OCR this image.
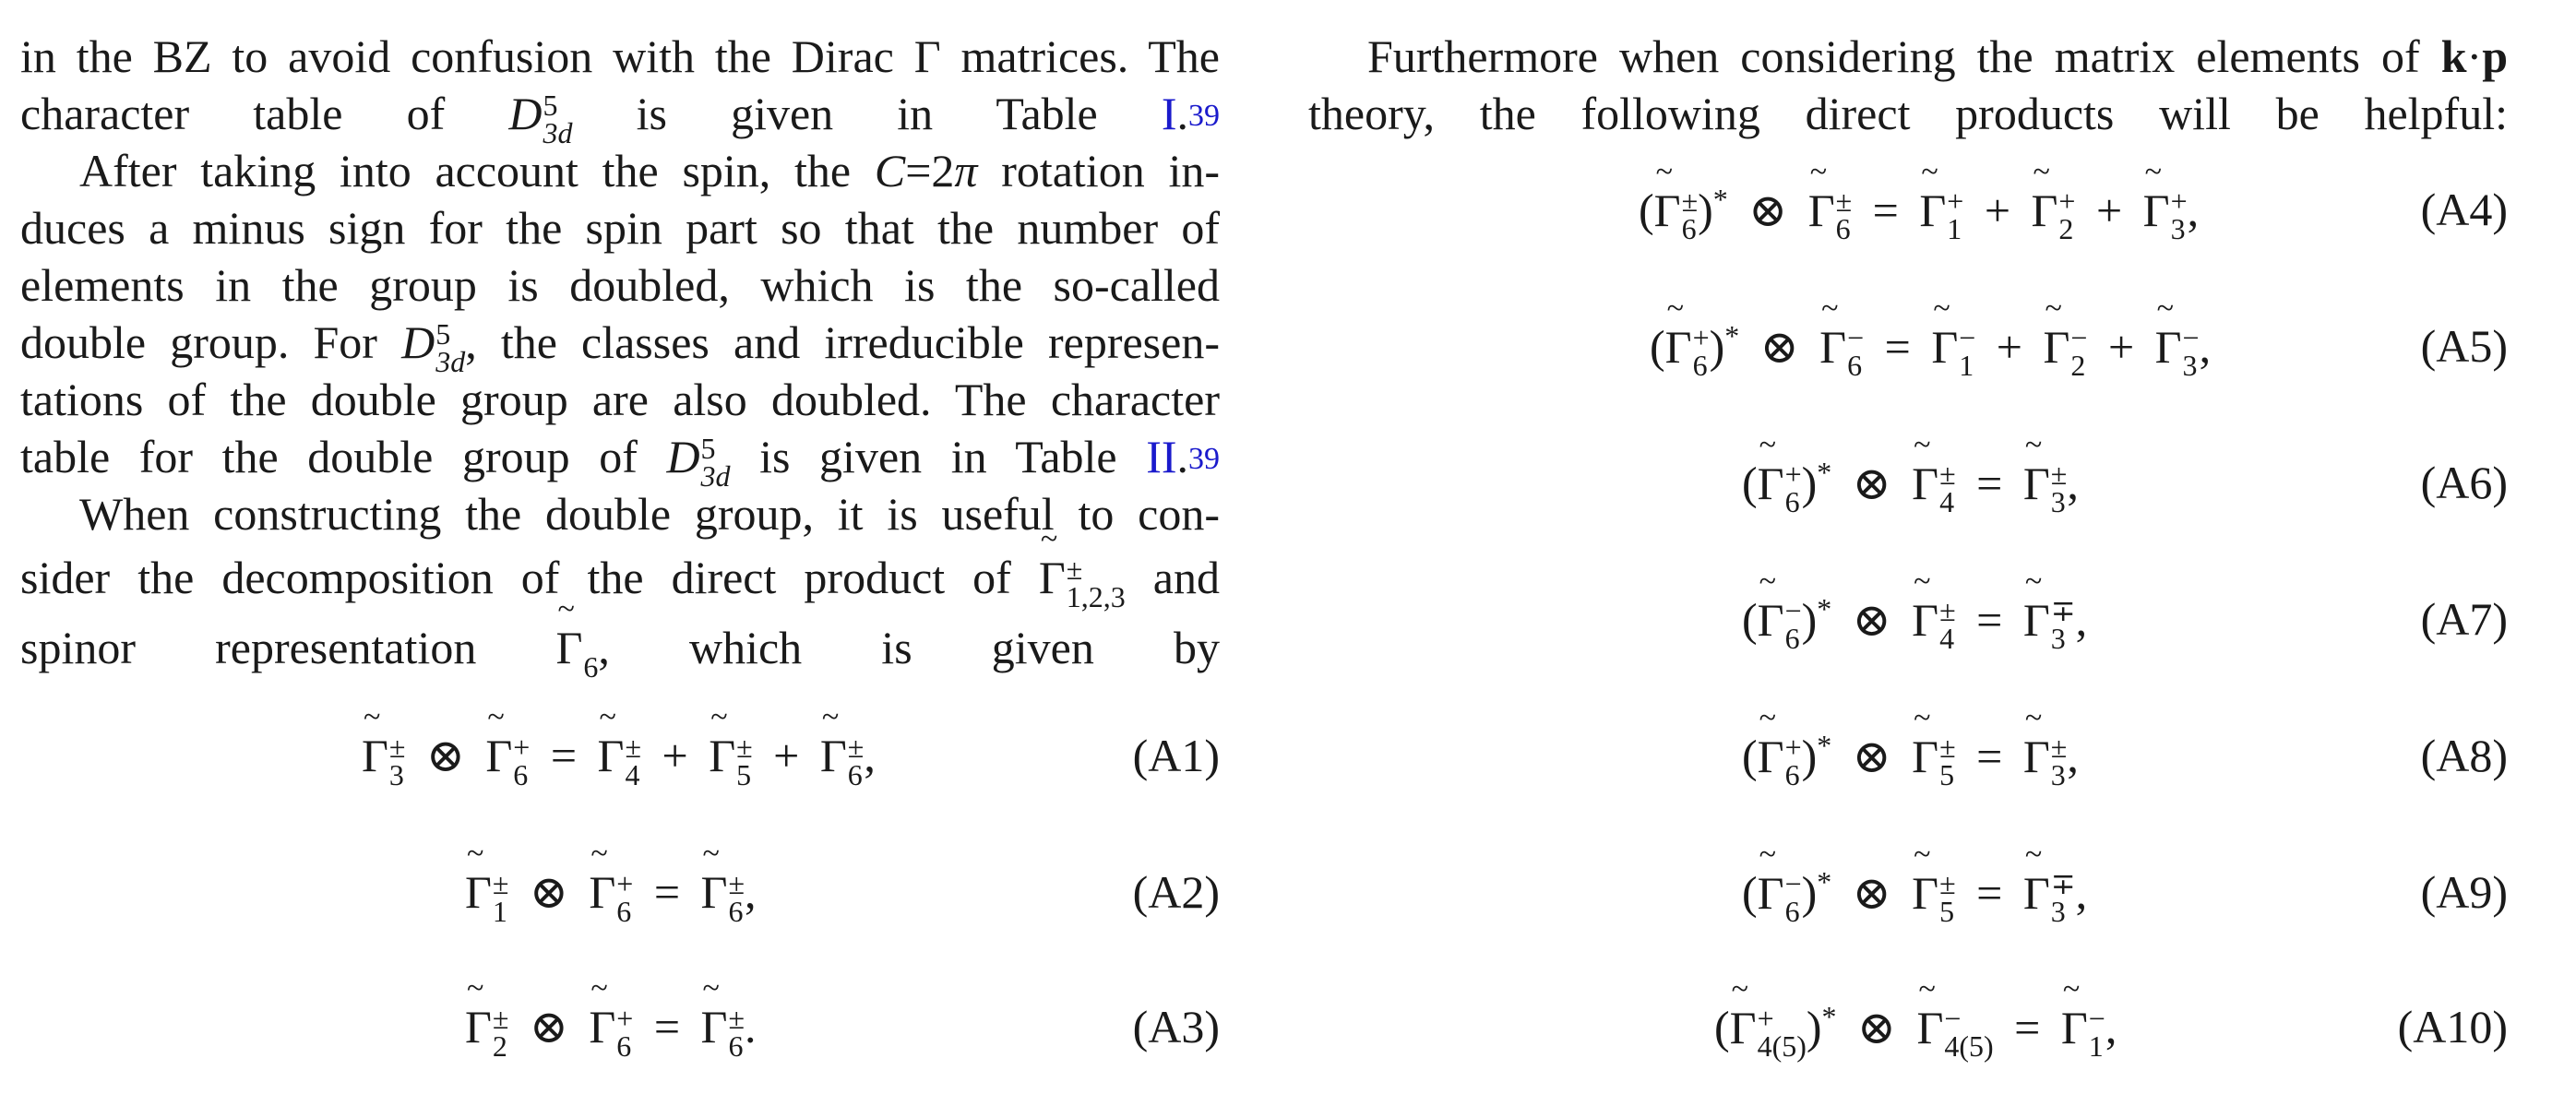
in the BZ to avoid confusion with the Dirac Γ matrices. The
character table of D 5
3d is given in Table I.$^{39}$
After taking into account the spin, the C=2π rotation in-
duces a minus sign for the spin part so that the number of
elements in the group is doubled, which is the so-called
double group. For D 5
3d , the classes and irreducible represen-
tations of the double group are also doubled. The character
table for the double group of D 5
3d is given in Table II.$^{39}$
When constructing the double group, it is useful to con-
sider the decomposition of the direct product of ~ Γ ±
1,2,3 and
spinor representation ~ Γ
6 , which is given by
~ Γ ±
3 ⊗ ~ Γ +
6 = ~ Γ ±
4 + ~ Γ ±
5 + ~ Γ ±
6 ,	(A1)
~ Γ ±
1 ⊗ ~ Γ +
6 = ~ Γ ±
6 ,	(A2)
~ Γ ±
2 ⊗ ~ Γ +
6 = ~ Γ ±
6 .	(A3)
Furthermore when considering the matrix elements of k·p
theory, the following direct products will be helpful:
(~ Γ ±
6 )* ⊗ ~ Γ ±
6 = ~ Γ +
1 + ~ Γ +
2 + ~ Γ +
3 ,	(A4)
(~ Γ +
6 )* ⊗ ~ Γ −
6 = ~ Γ −
1 + ~ Γ −
2 + ~ Γ −
3 ,	(A5)
(~ Γ +
6 )* ⊗ ~ Γ ±
4 = ~ Γ ±
3 ,	(A6)
(~ Γ −
6 )* ⊗ ~ Γ ±
4 = ~ Γ ∓
3 ,	(A7)
(~ Γ +
6 )* ⊗ ~ Γ ±
5 = ~ Γ ±
3 ,	(A8)
(~ Γ −
6 )* ⊗ ~ Γ ±
5 = ~ Γ ∓
3 ,	(A9)
(~ Γ +
4(5) )* ⊗ ~ Γ −
4(5) = ~ Γ −
1 ,	(A10)
